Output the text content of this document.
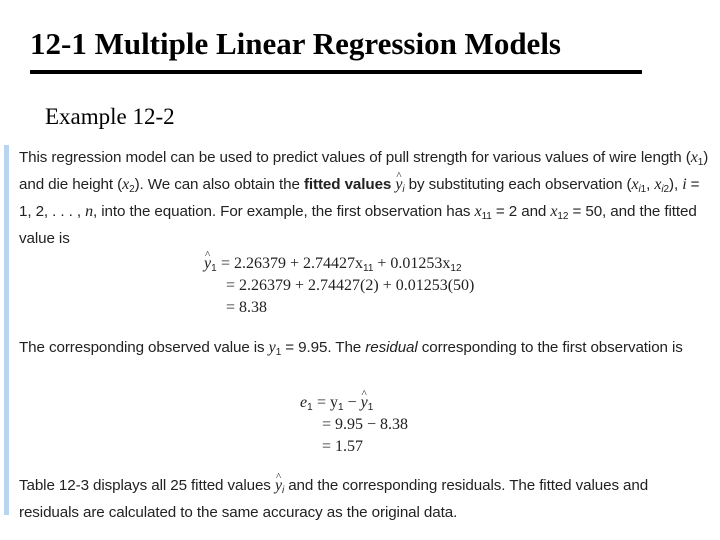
12-1 Multiple Linear Regression Models
Example 12-2
This regression model can be used to predict values of pull strength for various values of wire length $(x_1)$ and die height $(x_2)$. We can also obtain the fitted values y $\^{}_i$ by substituting each observation ($x_{i1}$, $x_{i2}$), i = 1, 2, . . . , n, into the equation. For example, the first observation has $x_{11} = 2$ and $x_{12} = 50$, and the fitted value is
y $\^{}_1 = 2.26379 + 2.74427x_{11} + 0.01253x_{12}$
= 2.26379 + 2.74427(2) + 0.01253(50)
= 8.38
The corresponding observed value is $y_1 = 9.95$. The residual corresponding to the first observation is
$e_1 = y_1 - y$ $\^{}_1$
= 9.95 − 8.38
= 1.57
Table 12-3 displays all 25 fitted values y $\^{}_i$ and the corresponding residuals. The fitted values and residuals are calculated to the same accuracy as the original data.
